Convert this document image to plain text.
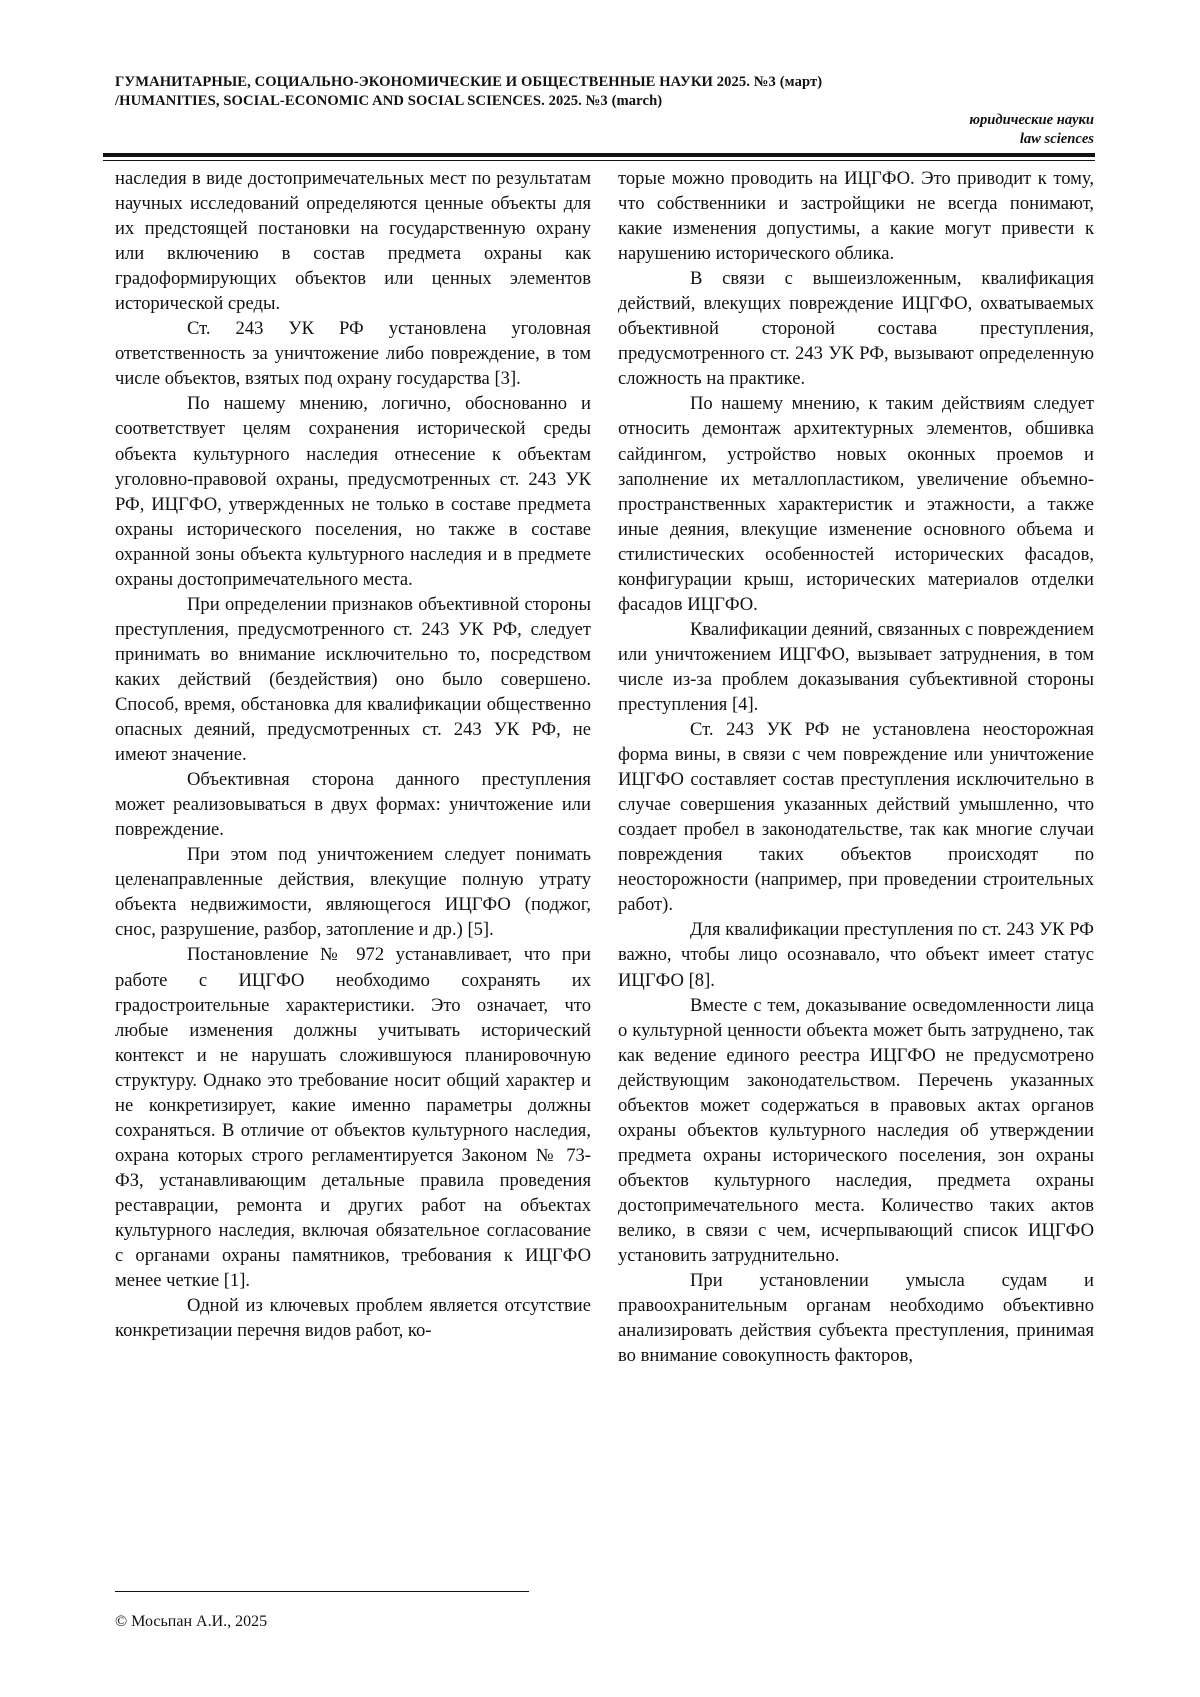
ГУМАНИТАРНЫЕ, СОЦИАЛЬНО-ЭКОНОМИЧЕСКИЕ И ОБЩЕСТВЕННЫЕ НАУКИ 2025. №3 (март)
/HUMANITIES, SOCIAL-ECONOMIC AND SOCIAL SCIENCES. 2025. №3 (march)
юридические науки
law sciences

наследия в виде достопримечательных мест по результатам научных исследований определяются ценные объекты для их предстоящей постановки на государственную охрану или включению в состав предмета охраны как градоформирующих объектов или ценных элементов исторической среды.

Ст. 243 УК РФ установлена уголовная ответственность за уничтожение либо повреждение, в том числе объектов, взятых под охрану государства [3].

По нашему мнению, логично, обоснованно и соответствует целям сохранения исторической среды объекта культурного наследия отнесение к объектам уголовно-правовой охраны, предусмотренных ст. 243 УК РФ, ИЦГФО, утвержденных не только в составе предмета охраны исторического поселения, но также в составе охранной зоны объекта культурного наследия и в предмете охраны достопримечательного места.

При определении признаков объективной стороны преступления, предусмотренного ст. 243 УК РФ, следует принимать во внимание исключительно то, посредством каких действий (бездействия) оно было совершено. Способ, время, обстановка для квалификации общественно опасных деяний, предусмотренных ст. 243 УК РФ, не имеют значение.

Объективная сторона данного преступления может реализовываться в двух формах: уничтожение или повреждение.

При этом под уничтожением следует понимать целенаправленные действия, влекущие полную утрату объекта недвижимости, являющегося ИЦГФО (поджог, снос, разрушение, разбор, затопление и др.) [5].

Постановление № 972 устанавливает, что при работе с ИЦГФО необходимо сохранять их градостроительные характеристики. Это означает, что любые изменения должны учитывать исторический контекст и не нарушать сложившуюся планировочную структуру. Однако это требование носит общий характер и не конкретизирует, какие именно параметры должны сохраняться. В отличие от объектов культурного наследия, охрана которых строго регламентируется Законом № 73-ФЗ, устанавливающим детальные правила проведения реставрации, ремонта и других работ на объектах культурного наследия, включая обязательное согласование с органами охраны памятников, требования к ИЦГФО менее четкие [1].

Одной из ключевых проблем является отсутствие конкретизации перечня видов работ, ко-

торые можно проводить на ИЦГФО. Это приводит к тому, что собственники и застройщики не всегда понимают, какие изменения допустимы, а какие могут привести к нарушению исторического облика.

В связи с вышеизложенным, квалификация действий, влекущих повреждение ИЦГФО, охватываемых объективной стороной состава преступления, предусмотренного ст. 243 УК РФ, вызывают определенную сложность на практике.

По нашему мнению, к таким действиям следует относить демонтаж архитектурных элементов, обшивка сайдингом, устройство новых оконных проемов и заполнение их металлопластиком, увеличение объемно-пространственных характеристик и этажности, а также иные деяния, влекущие изменение основного объема и стилистических особенностей исторических фасадов, конфигурации крыш, исторических материалов отделки фасадов ИЦГФО.

Квалификации деяний, связанных с повреждением или уничтожением ИЦГФО, вызывает затруднения, в том числе из-за проблем доказывания субъективной стороны преступления [4].

Ст. 243 УК РФ не установлена неосторожная форма вины, в связи с чем повреждение или уничтожение ИЦГФО составляет состав преступления исключительно в случае совершения указанных действий умышленно, что создает пробел в законодательстве, так как многие случаи повреждения таких объектов происходят по неосторожности (например, при проведении строительных работ).

Для квалификации преступления по ст. 243 УК РФ важно, чтобы лицо осознавало, что объект имеет статус ИЦГФО [8].

Вместе с тем, доказывание осведомленности лица о культурной ценности объекта может быть затруднено, так как ведение единого реестра ИЦГФО не предусмотрено действующим законодательством. Перечень указанных объектов может содержаться в правовых актах органов охраны объектов культурного наследия об утверждении предмета охраны исторического поселения, зон охраны объектов культурного наследия, предмета охраны достопримечательного места. Количество таких актов велико, в связи с чем, исчерпывающий список ИЦГФО установить затруднительно.

При установлении умысла судам и правоохранительным органам необходимо объективно анализировать действия субъекта преступления, принимая во внимание совокупность факторов,

© Мосьпан А.И., 2025
